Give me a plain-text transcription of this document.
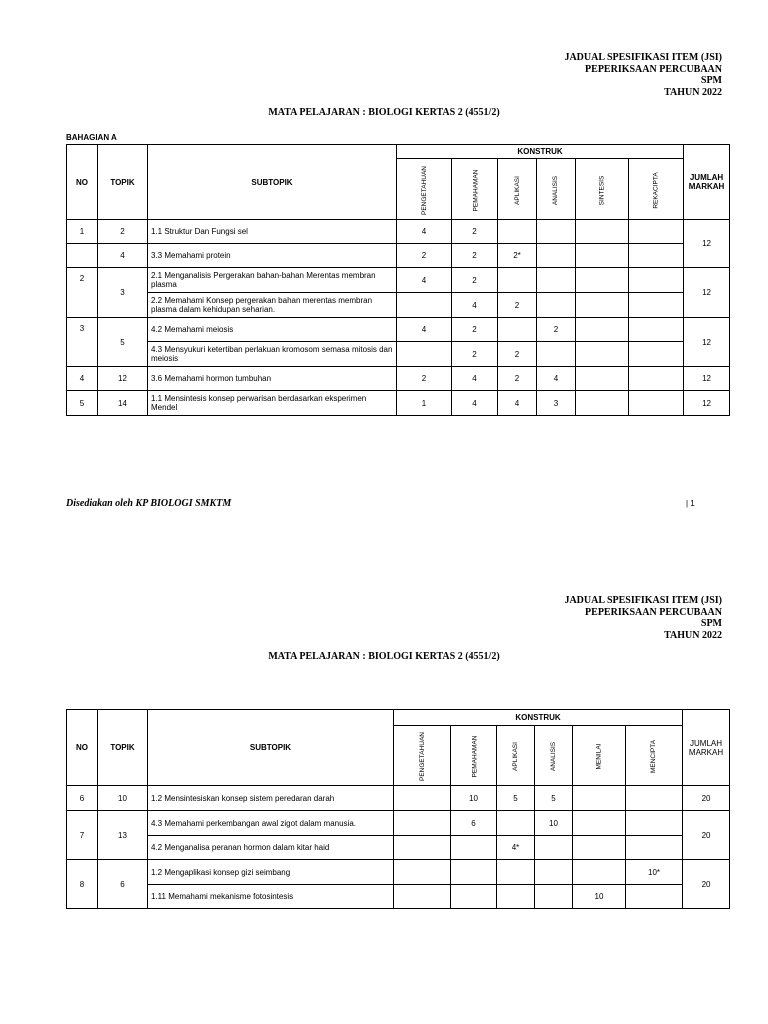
JADUAL SPESIFIKASI ITEM (JSI)
PEPERIKSAAN PERCUBAAN
SPM
TAHUN 2022
MATA PELAJARAN : BIOLOGI KERTAS 2 (4551/2)
BAHAGIAN A
NO	TOPIK	SUBTOPIK	KONSTRUK						JUMLAH MARKAH
			PENGETAHUAN	PEMAHAMAN	APLIKASI	ANALISIS	SINTESIS	REKACIPTA	
1	2	1.1 Struktur Dan Fungsi sel	4	2					12
	4	3.3 Memahami protein	2	2	2*				
2	3	2.1 Menganalisis Pergerakan bahan-bahan Merentas membran plasma	4	2					12
		2.2 Memahami Konsep pergerakan bahan merentas membran plasma dalam kehidupan seharian.		4	2				
3	5	4.2 Memahami meiosis	4	2		2			12
		4.3 Mensyukuri ketertiban perlakuan kromosom semasa mitosis dan meiosis		2	2				
4	12	3.6 Memahami hormon tumbuhan	2	4	2	4			12
5	14	1.1 Mensintesis konsep perwarisan berdasarkan eksperimen Mendel	1	4	4	3			12
Disediakan oleh KP BIOLOGI SMKTM	| 1
JADUAL SPESIFIKASI ITEM (JSI)
PEPERIKSAAN PERCUBAAN
SPM
TAHUN 2022
MATA PELAJARAN : BIOLOGI KERTAS 2 (4551/2)
NO	TOPIK	SUBTOPIK	KONSTRUK						JUMLAH MARKAH
			PENGETAHUAN	PEMAHAMAN	APLIKASI	ANALISIS	MENILAI	MENCIPTA	
6	10	1.2 Mensintesiskan konsep sistem peredaran darah		10	5	5			20
7	13	4.3 Memahami perkembangan awal zigot dalam manusia.		6		10			20
		4.2 Menganalisa peranan hormon dalam kitar haid			4*				
8	6	1.2 Mengaplikasi konsep gizi seimbang						10*	20
		1.11 Memahami mekanisme fotosintesis					10		
